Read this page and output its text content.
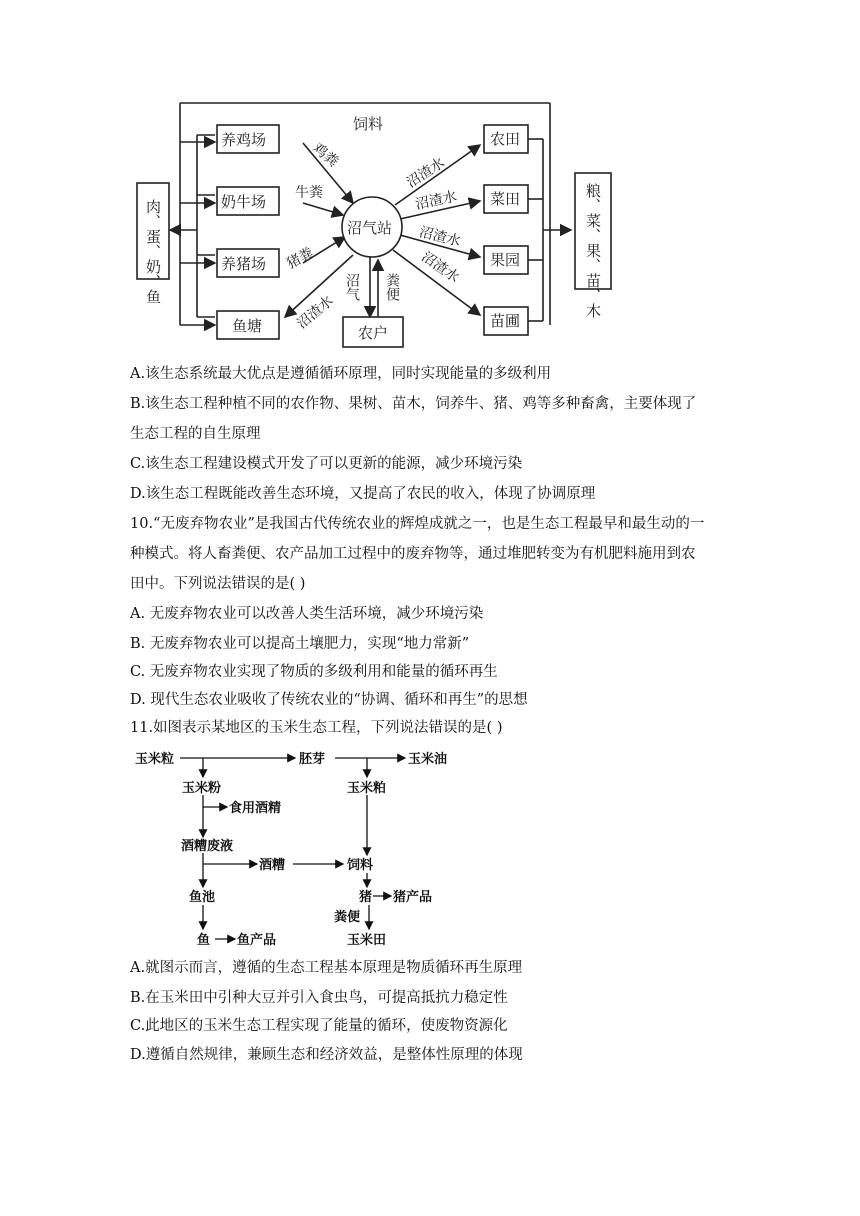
饲料
养鸡场
奶牛场
养猪场
鱼塘
沼气站
农田
菜田
果园
苗圃
农户
肉、蛋、奶、鱼	粮、菜、果、苗、木
鸡粪
牛粪
猪粪
沼渣水
沼渣水
沼渣水
沼渣水
沼渣水
沼气 粪便
A.该生态系统最大优点是遵循循环原理，同时实现能量的多级利用
B.该生态工程种植不同的农作物、果树、苗木，饲养牛、猪、鸡等多种畜禽，主要体现了
生态工程的自生原理
C.该生态工程建设模式开发了可以更新的能源，减少环境污染
D.该生态工程既能改善生态环境，又提高了农民的收入，体现了协调原理
10.“无废弃物农业”是我国古代传统农业的辉煌成就之一，也是生态工程最早和最生动的一
种模式。将人畜粪便、农产品加工过程中的废弃物等，通过堆肥转变为有机肥料施用到农
田中。下列说法错误的是( )
A. 无废弃物农业可以改善人类生活环境，减少环境污染
B. 无废弃物农业可以提高土壤肥力，实现“地力常新”
C. 无废弃物农业实现了物质的多级利用和能量的循环再生
D. 现代生态农业吸收了传统农业的“协调、循环和再生”的思想
11.如图表示某地区的玉米生态工程，下列说法错误的是( )
玉米粒	胚芽	玉米油
玉米粉
食用酒精
玉米粕
酒糟废液
酒糟	饲料
鱼池	猪 猪产品
粪便
鱼 鱼产品	玉米田
A.就图示而言，遵循的生态工程基本原理是物质循环再生原理
B.在玉米田中引种大豆并引入食虫鸟，可提高抵抗力稳定性
C.此地区的玉米生态工程实现了能量的循环，使废物资源化
D.遵循自然规律，兼顾生态和经济效益，是整体性原理的体现
